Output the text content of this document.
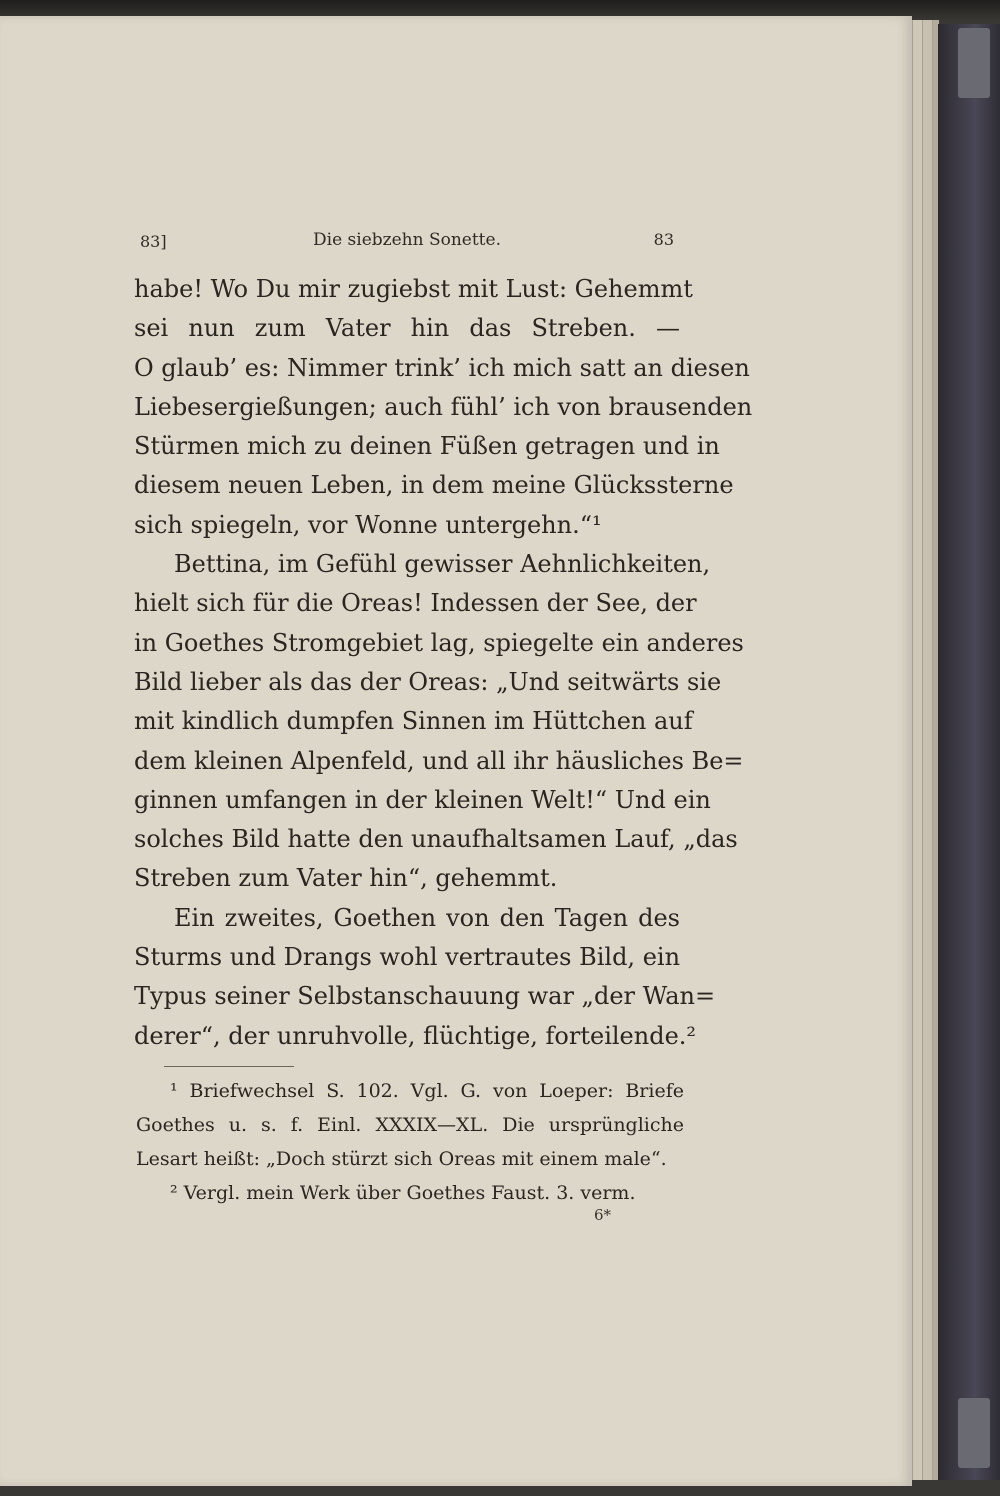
83]	Die siebzehn Sonette.	83
habe! Wo Du mir zugiebst mit Lust: Gehemmt
sei nun zum Vater hin das Streben. —
O glaub’ es: Nimmer trink’ ich mich satt an diesen
Liebesergießungen; auch fühl’ ich von brausenden
Stürmen mich zu deinen Füßen getragen und in
diesem neuen Leben, in dem meine Glückssterne
sich spiegeln, vor Wonne untergehn.“¹
Bettina, im Gefühl gewisser Aehnlichkeiten,
hielt sich für die Oreas! Indessen der See, der
in Goethes Stromgebiet lag, spiegelte ein anderes
Bild lieber als das der Oreas: „Und seitwärts sie
mit kindlich dumpfen Sinnen im Hüttchen auf
dem kleinen Alpenfeld, und all ihr häusliches Be=
ginnen umfangen in der kleinen Welt!“ Und ein
solches Bild hatte den unaufhaltsamen Lauf, „das
Streben zum Vater hin“, gehemmt.
Ein zweites, Goethen von den Tagen des
Sturms und Drangs wohl vertrautes Bild, ein
Typus seiner Selbstanschauung war „der Wan=
derer“, der unruhvolle, flüchtige, forteilende.²
¹ Briefwechsel S. 102. Vgl. G. von Loeper: Briefe
Goethes u. s. f. Einl. XXXIX—XL. Die ursprüngliche
Lesart heißt: „Doch stürzt sich Oreas mit einem male“.
² Vergl. mein Werk über Goethes Faust. 3. verm.
6*
